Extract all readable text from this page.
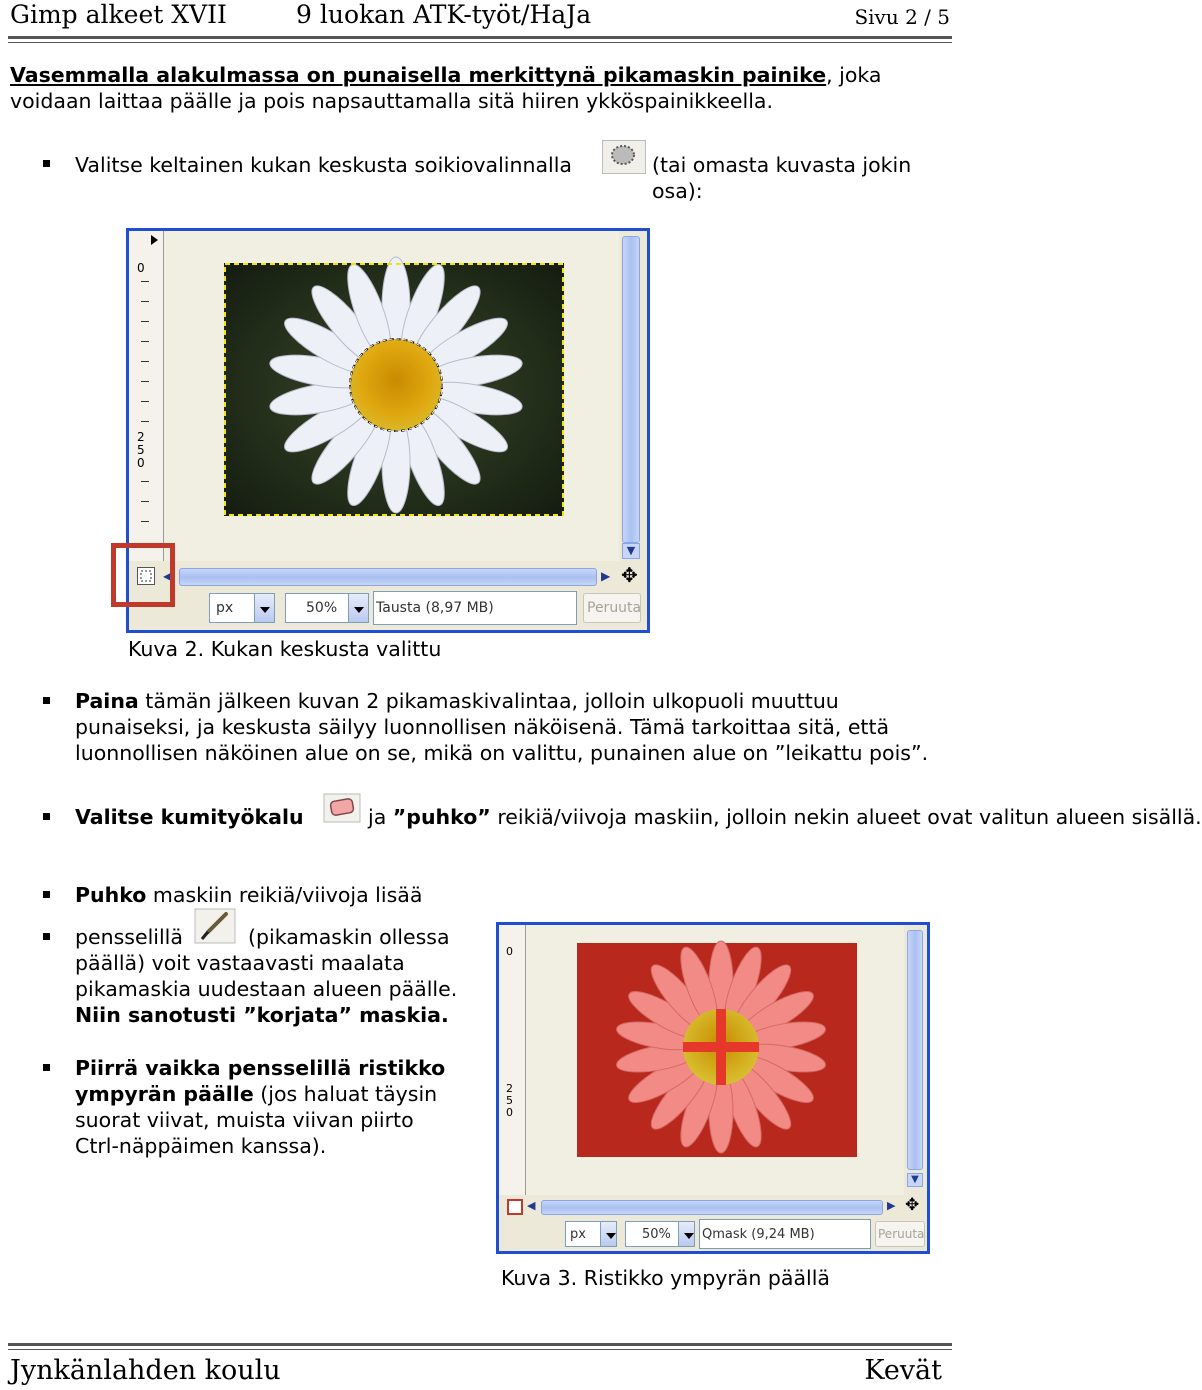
Gimp alkeet XVII	9 luokan ATK-työt/HaJa	Sivu 2 / 5
Vasemmalla alakulmassa on punaisella merkittynä pikamaskin painike, joka voidaan laittaa päälle ja pois napsauttamalla sitä hiiren ykköspainikkeella.
Valitse keltainen kukan keskusta soikiovalinnalla	(tai omasta kuvasta jokin osa):
0
250
▼
◀	▶ ✥
px	50%	Tausta (8,97 MB)	Peruuta
Kuva 2. Kukan keskusta valittu
Paina tämän jälkeen kuvan 2 pikamaskivalintaa, jolloin ulkopuoli muuttuu punaiseksi, ja keskusta säilyy luonnollisen näköisenä. Tämä tarkoittaa sitä, että luonnollisen näköinen alue on se, mikä on valittu, punainen alue on ”leikattu pois”.
Valitse kumityökalu	ja ”puhko” reikiä/viivoja maskiin, jolloin nekin alueet ovat valitun alueen sisällä.
Puhko maskiin reikiä/viivoja lisää
pensselillä	(pikamaskin ollessa
päällä) voit vastaavasti maalata
pikamaskia uudestaan alueen päälle.
Niin sanotusti ”korjata” maskia.
Piirrä vaikka pensselillä ristikko
ympyrän päälle (jos haluat täysin
suorat viivat, muista viivan piirto
Ctrl-näppäimen kanssa).
0
250
▼
◀	▶ ✥
px	50% Qmask (9,24 MB)	Peruuta
Kuva 3. Ristikko ympyrän päällä
Jynkänlahden koulu	Kevät
